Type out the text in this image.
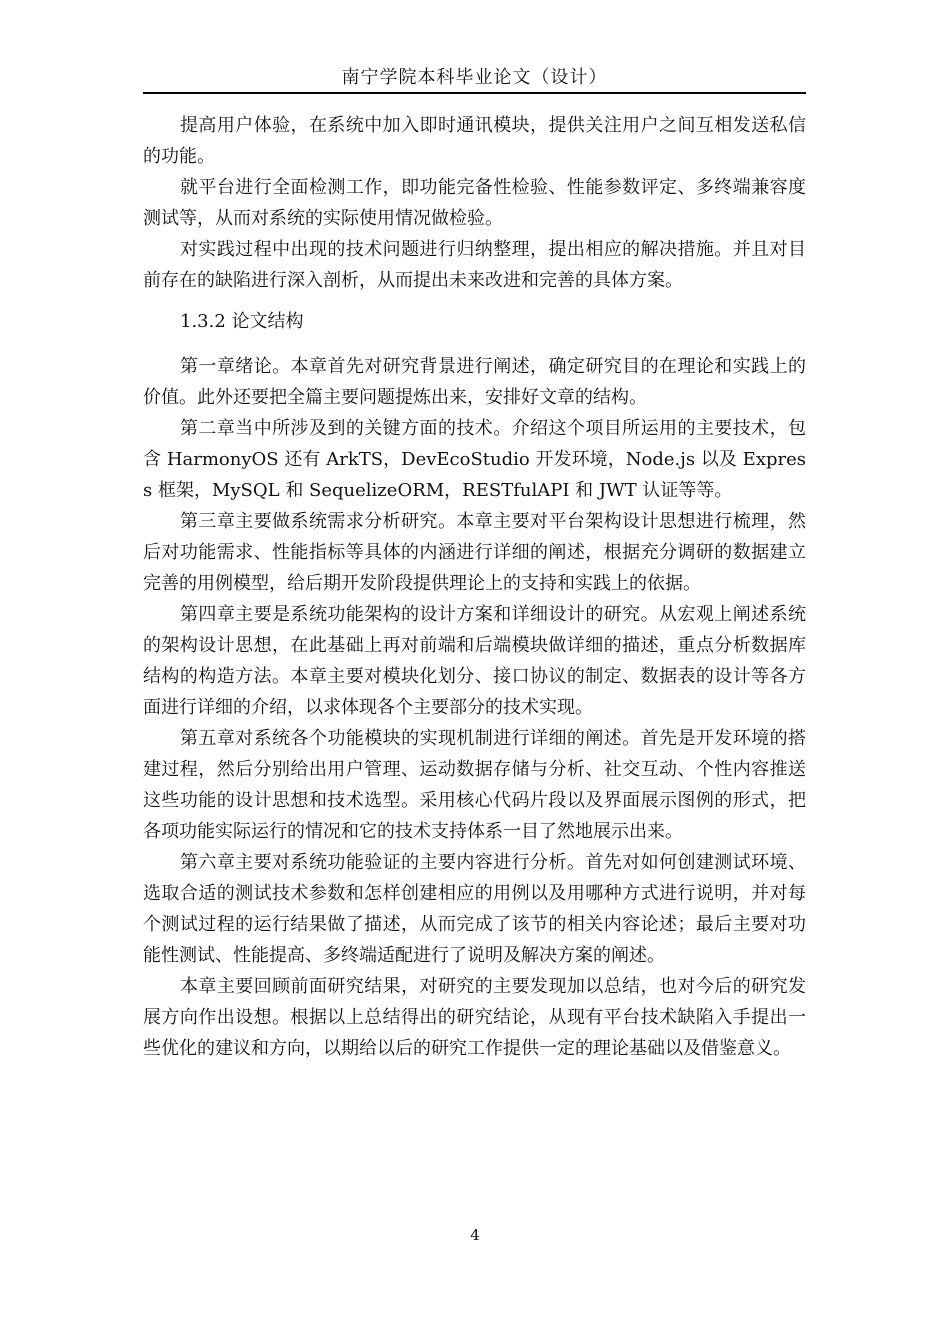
南宁学院本科毕业论文（设计）

提高用户体验，在系统中加入即时通讯模块，提供关注用户之间互相发送私信的功能。

就平台进行全面检测工作，即功能完备性检验、性能参数评定、多终端兼容度测试等，从而对系统的实际使用情况做检验。

对实践过程中出现的技术问题进行归纳整理，提出相应的解决措施。并且对目前存在的缺陷进行深入剖析，从而提出未来改进和完善的具体方案。

1.3.2 论文结构

第一章绪论。本章首先对研究背景进行阐述，确定研究目的在理论和实践上的价值。此外还要把全篇主要问题提炼出来，安排好文章的结构。

第二章当中所涉及到的关键方面的技术。介绍这个项目所运用的主要技术，包含 HarmonyOS 还有 ArkTS，DevEcoStudio 开发环境，Node.js 以及 Express 框架，MySQL 和 SequelizeORM，RESTfulAPI 和 JWT 认证等等。

第三章主要做系统需求分析研究。本章主要对平台架构设计思想进行梳理，然后对功能需求、性能指标等具体的内涵进行详细的阐述，根据充分调研的数据建立完善的用例模型，给后期开发阶段提供理论上的支持和实践上的依据。

第四章主要是系统功能架构的设计方案和详细设计的研究。从宏观上阐述系统的架构设计思想，在此基础上再对前端和后端模块做详细的描述，重点分析数据库结构的构造方法。本章主要对模块化划分、接口协议的制定、数据表的设计等各方面进行详细的介绍，以求体现各个主要部分的技术实现。

第五章对系统各个功能模块的实现机制进行详细的阐述。首先是开发环境的搭建过程，然后分别给出用户管理、运动数据存储与分析、社交互动、个性内容推送这些功能的设计思想和技术选型。采用核心代码片段以及界面展示图例的形式，把各项功能实际运行的情况和它的技术支持体系一目了然地展示出来。

第六章主要对系统功能验证的主要内容进行分析。首先对如何创建测试环境、选取合适的测试技术参数和怎样创建相应的用例以及用哪种方式进行说明，并对每个测试过程的运行结果做了描述，从而完成了该节的相关内容论述；最后主要对功能性测试、性能提高、多终端适配进行了说明及解决方案的阐述。

本章主要回顾前面研究结果，对研究的主要发现加以总结，也对今后的研究发展方向作出设想。根据以上总结得出的研究结论，从现有平台技术缺陷入手提出一些优化的建议和方向，以期给以后的研究工作提供一定的理论基础以及借鉴意义。

4
